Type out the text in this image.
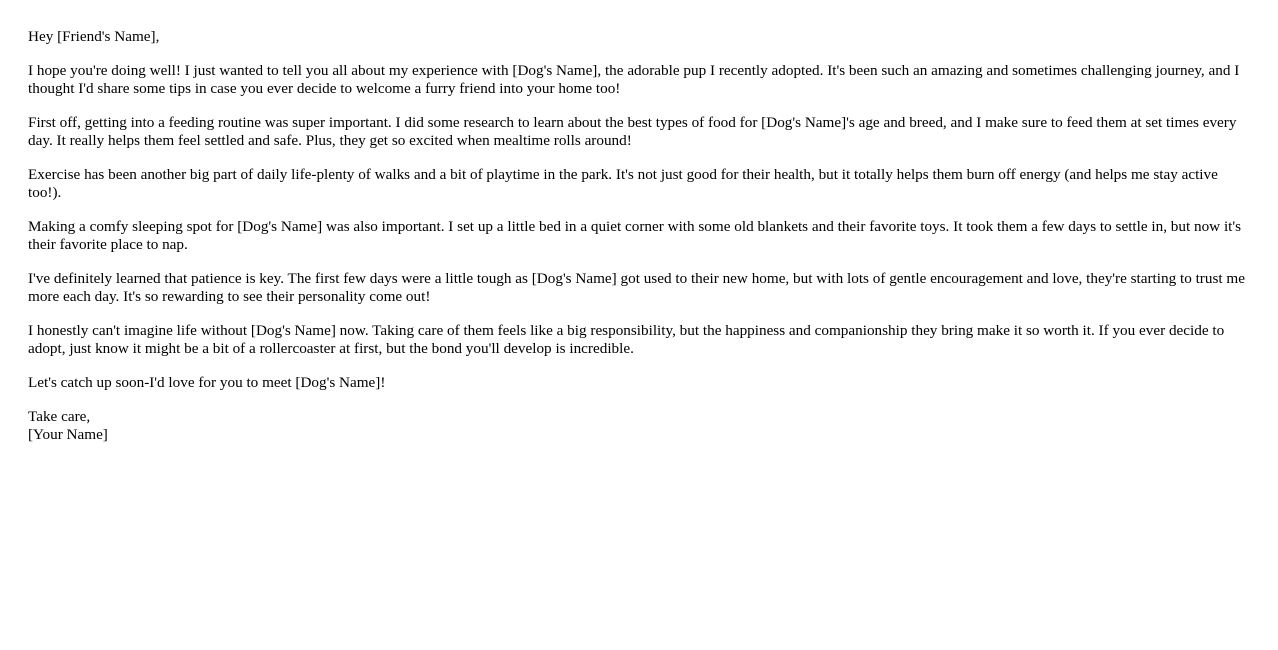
Hey [Friend's Name],

I hope you're doing well! I just wanted to tell you all about my experience with [Dog's Name], the adorable pup I recently adopted. It's been such an amazing and sometimes challenging journey, and I thought I'd share some tips in case you ever decide to welcome a furry friend into your home too!

First off, getting into a feeding routine was super important. I did some research to learn about the best types of food for [Dog's Name]'s age and breed, and I make sure to feed them at set times every day. It really helps them feel settled and safe. Plus, they get so excited when mealtime rolls around!

Exercise has been another big part of daily life-plenty of walks and a bit of playtime in the park. It's not just good for their health, but it totally helps them burn off energy (and helps me stay active too!).

Making a comfy sleeping spot for [Dog's Name] was also important. I set up a little bed in a quiet corner with some old blankets and their favorite toys. It took them a few days to settle in, but now it's their favorite place to nap.

I've definitely learned that patience is key. The first few days were a little tough as [Dog's Name] got used to their new home, but with lots of gentle encouragement and love, they're starting to trust me more each day. It's so rewarding to see their personality come out!

I honestly can't imagine life without [Dog's Name] now. Taking care of them feels like a big responsibility, but the happiness and companionship they bring make it so worth it. If you ever decide to adopt, just know it might be a bit of a rollercoaster at first, but the bond you'll develop is incredible.

Let's catch up soon-I'd love for you to meet [Dog's Name]!

Take care,
[Your Name]
